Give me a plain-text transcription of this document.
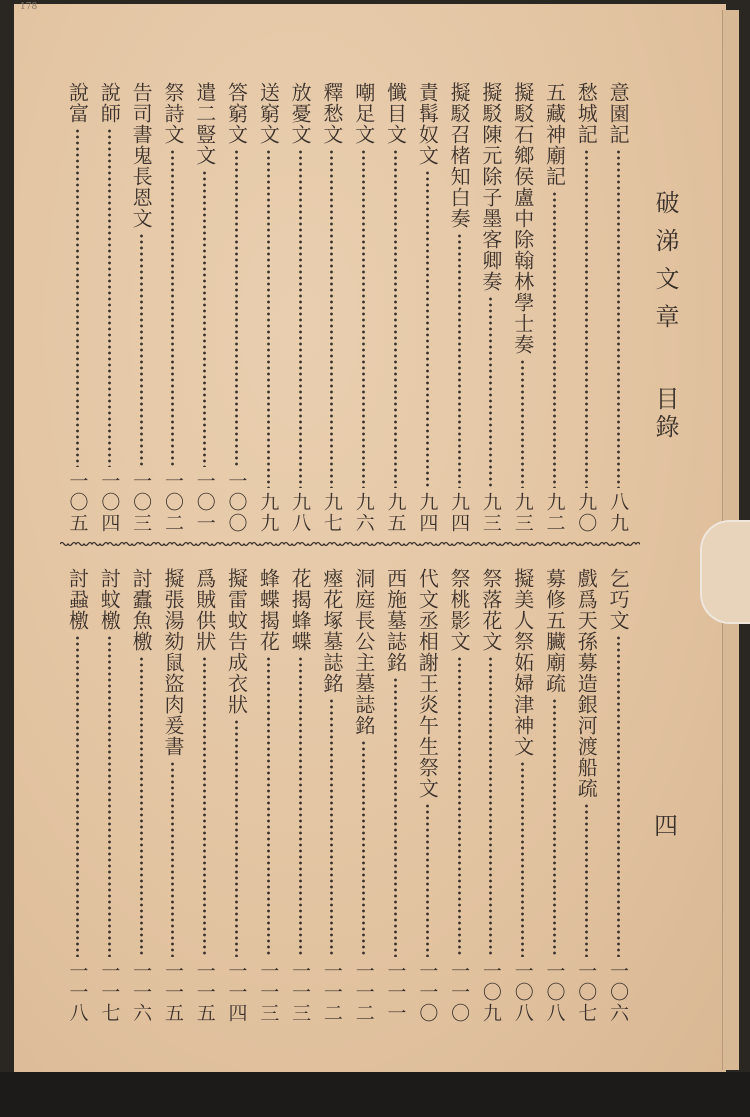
178
破涕文章 目錄
四
意園記
八九
愁城記
九〇
五藏神廟記
九二
擬駁石鄉侯盧中除翰林學士奏
九三
擬駁陳元除子墨客卿奏
九三
擬駁召楮知白奏
九四
責髯奴文
九四
懺目文
九五
嘲足文
九六
釋愁文
九七
放憂文
九八
送窮文
九九
答窮文
一〇〇
遣二豎文
一〇一
祭詩文
一〇二
告司書鬼長恩文
一〇三
說師
一〇四
說富
一〇五
乞巧文
一〇六
戲爲天孫募造銀河渡船疏
一〇七
募修五臟廟疏
一〇八
擬美人祭妬婦津神文
一〇八
祭落花文
一〇九
祭桃影文
一一〇
代文丞相謝王炎午生祭文
一一〇
西施墓誌銘
一一一
洞庭長公主墓誌銘
一一二
瘞花塚墓誌銘
一一二
花揭蜂蝶
一一三
蜂蝶揭花
一一三
擬雷蚊告成衣狀
一一四
爲賊供狀
一一五
擬張湯劾鼠盜肉爰書
一一五
討蠹魚檄
一一六
討蚊檄
一一七
討蝨檄
一一八
